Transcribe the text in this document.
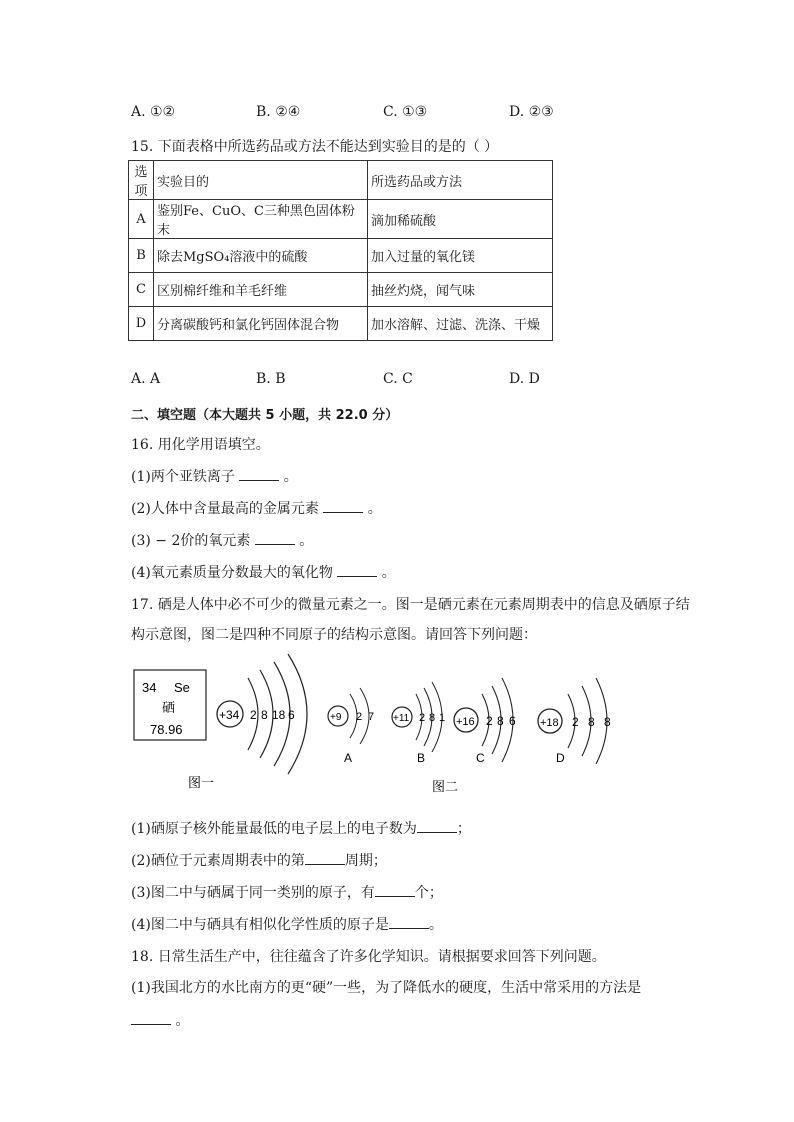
A. ①②	B. ②④	C. ①③	D. ②③
15. 下面表格中所选药品或方法不能达到实验目的是的（ ）
选项	实验目的	所选药品或方法
A	鉴别Fe、CuO、C三种黑色固体粉末	滴加稀硫酸
B	除去MgSO₄溶液中的硫酸	加入过量的氧化镁
C	区别棉纤维和羊毛纤维	抽丝灼烧，闻气味
D	分离碳酸钙和氯化钙固体混合物	加水溶解、过滤、洗涤、干燥
A. A	B. B	C. C	D. D
二、填空题（本大题共 5 小题，共 22.0 分）
16. 用化学用语填空。
(1)两个亚铁离子	。
(2)人体中含量最高的金属元素	。
(3) − 2价的氧元素	。
(4)氧元素质量分数最大的氧化物	。
17. 硒是人体中必不可少的微量元素之一。图一是硒元素在元素周期表中的信息及硒原子结
构示意图，图二是四种不同原子的结构示意图。请回答下列问题：
34 Se
硒
78.96
+34 2 8 18 6
图一
+9 2 7
A
+11 2 8 1
B
+16 2 8 6
C
+18 2 8 8
D
图二
(1)硒原子核外能量最低的电子层上的电子数为	；
(2)硒位于元素周期表中的第	周期；
(3)图二中与硒属于同一类别的原子，有	个；
(4)图二中与硒具有相似化学性质的原子是	。
18. 日常生活生产中，往往蕴含了许多化学知识。请根据要求回答下列问题。
(1)我国北方的水比南方的更“硬”一些，为了降低水的硬度，生活中常采用的方法是
。
